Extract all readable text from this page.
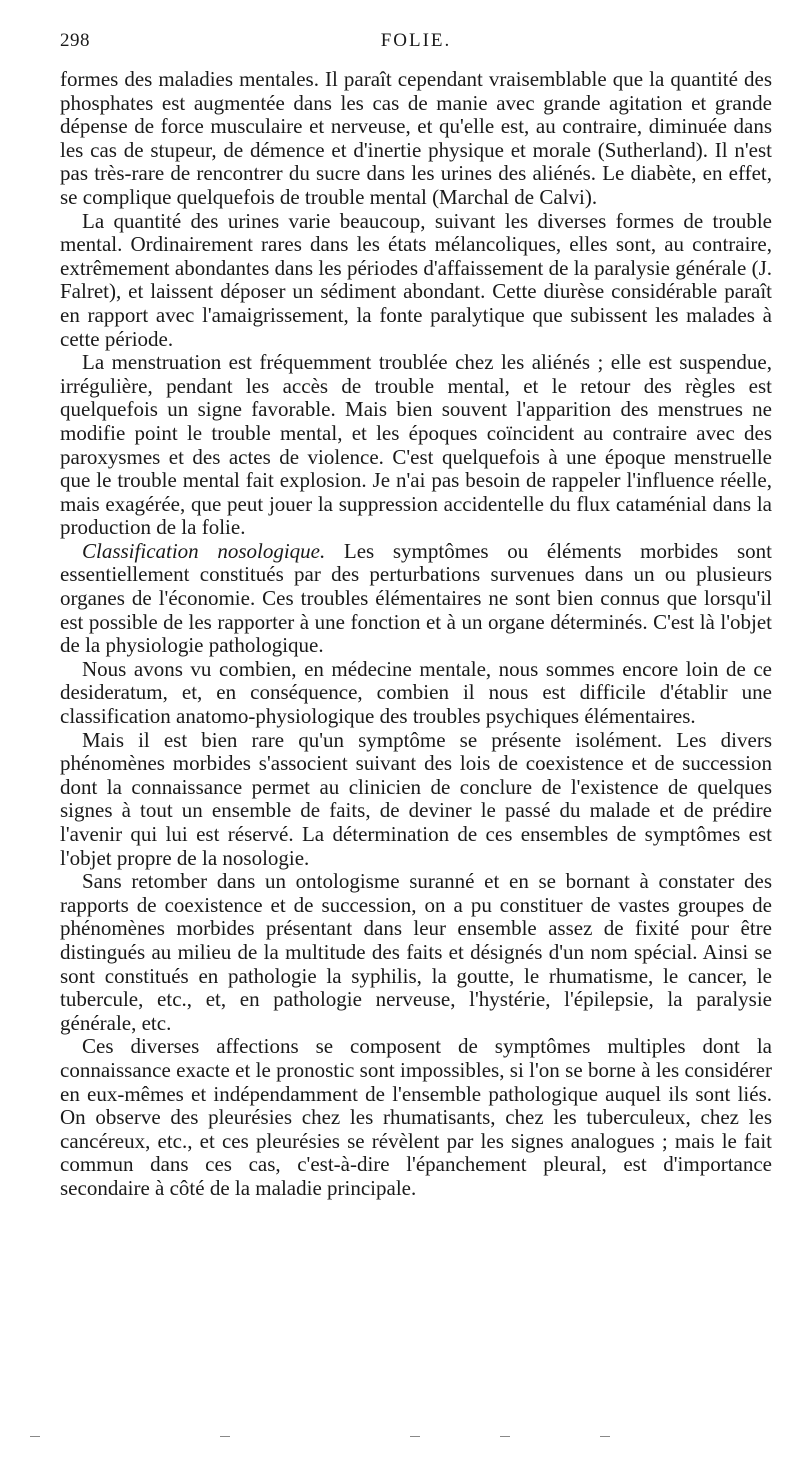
298	FOLIE.

formes des maladies mentales. Il paraît cependant vraisemblable que la quantité des phosphates est augmentée dans les cas de manie avec grande agitation et grande dépense de force musculaire et nerveuse, et qu'elle est, au contraire, diminuée dans les cas de stupeur, de démence et d'inertie physique et morale (Sutherland). Il n'est pas très-rare de rencontrer du sucre dans les urines des aliénés. Le diabète, en effet, se complique quelquefois de trouble mental (Marchal de Calvi).

La quantité des urines varie beaucoup, suivant les diverses formes de trouble mental. Ordinairement rares dans les états mélancoliques, elles sont, au contraire, extrêmement abondantes dans les périodes d'affaissement de la paralysie générale (J. Falret), et laissent déposer un sédiment abondant. Cette diurèse considérable paraît en rapport avec l'amaigrissement, la fonte paralytique que subissent les malades à cette période.

La menstruation est fréquemment troublée chez les aliénés ; elle est suspendue, irrégulière, pendant les accès de trouble mental, et le retour des règles est quelquefois un signe favorable. Mais bien souvent l'apparition des menstrues ne modifie point le trouble mental, et les époques coïncident au contraire avec des paroxysmes et des actes de violence. C'est quelquefois à une époque menstruelle que le trouble mental fait explosion. Je n'ai pas besoin de rappeler l'influence réelle, mais exagérée, que peut jouer la suppression accidentelle du flux cataménial dans la production de la folie.

Classification nosologique. Les symptômes ou éléments morbides sont essentiellement constitués par des perturbations survenues dans un ou plusieurs organes de l'économie. Ces troubles élémentaires ne sont bien connus que lorsqu'il est possible de les rapporter à une fonction et à un organe déterminés. C'est là l'objet de la physiologie pathologique.

Nous avons vu combien, en médecine mentale, nous sommes encore loin de ce desideratum, et, en conséquence, combien il nous est difficile d'établir une classification anatomo-physiologique des troubles psychiques élémentaires.

Mais il est bien rare qu'un symptôme se présente isolément. Les divers phénomènes morbides s'associent suivant des lois de coexistence et de succession dont la connaissance permet au clinicien de conclure de l'existence de quelques signes à tout un ensemble de faits, de deviner le passé du malade et de prédire l'avenir qui lui est réservé. La détermination de ces ensembles de symptômes est l'objet propre de la nosologie.

Sans retomber dans un ontologisme suranné et en se bornant à constater des rapports de coexistence et de succession, on a pu constituer de vastes groupes de phénomènes morbides présentant dans leur ensemble assez de fixité pour être distingués au milieu de la multitude des faits et désignés d'un nom spécial. Ainsi se sont constitués en pathologie la syphilis, la goutte, le rhumatisme, le cancer, le tubercule, etc., et, en pathologie nerveuse, l'hystérie, l'épilepsie, la paralysie générale, etc.

Ces diverses affections se composent de symptômes multiples dont la connaissance exacte et le pronostic sont impossibles, si l'on se borne à les considérer en eux-mêmes et indépendamment de l'ensemble pathologique auquel ils sont liés. On observe des pleurésies chez les rhumatisants, chez les tuberculeux, chez les cancéreux, etc., et ces pleurésies se révèlent par les signes analogues ; mais le fait commun dans ces cas, c'est-à-dire l'épanchement pleural, est d'importance secondaire à côté de la maladie principale.
